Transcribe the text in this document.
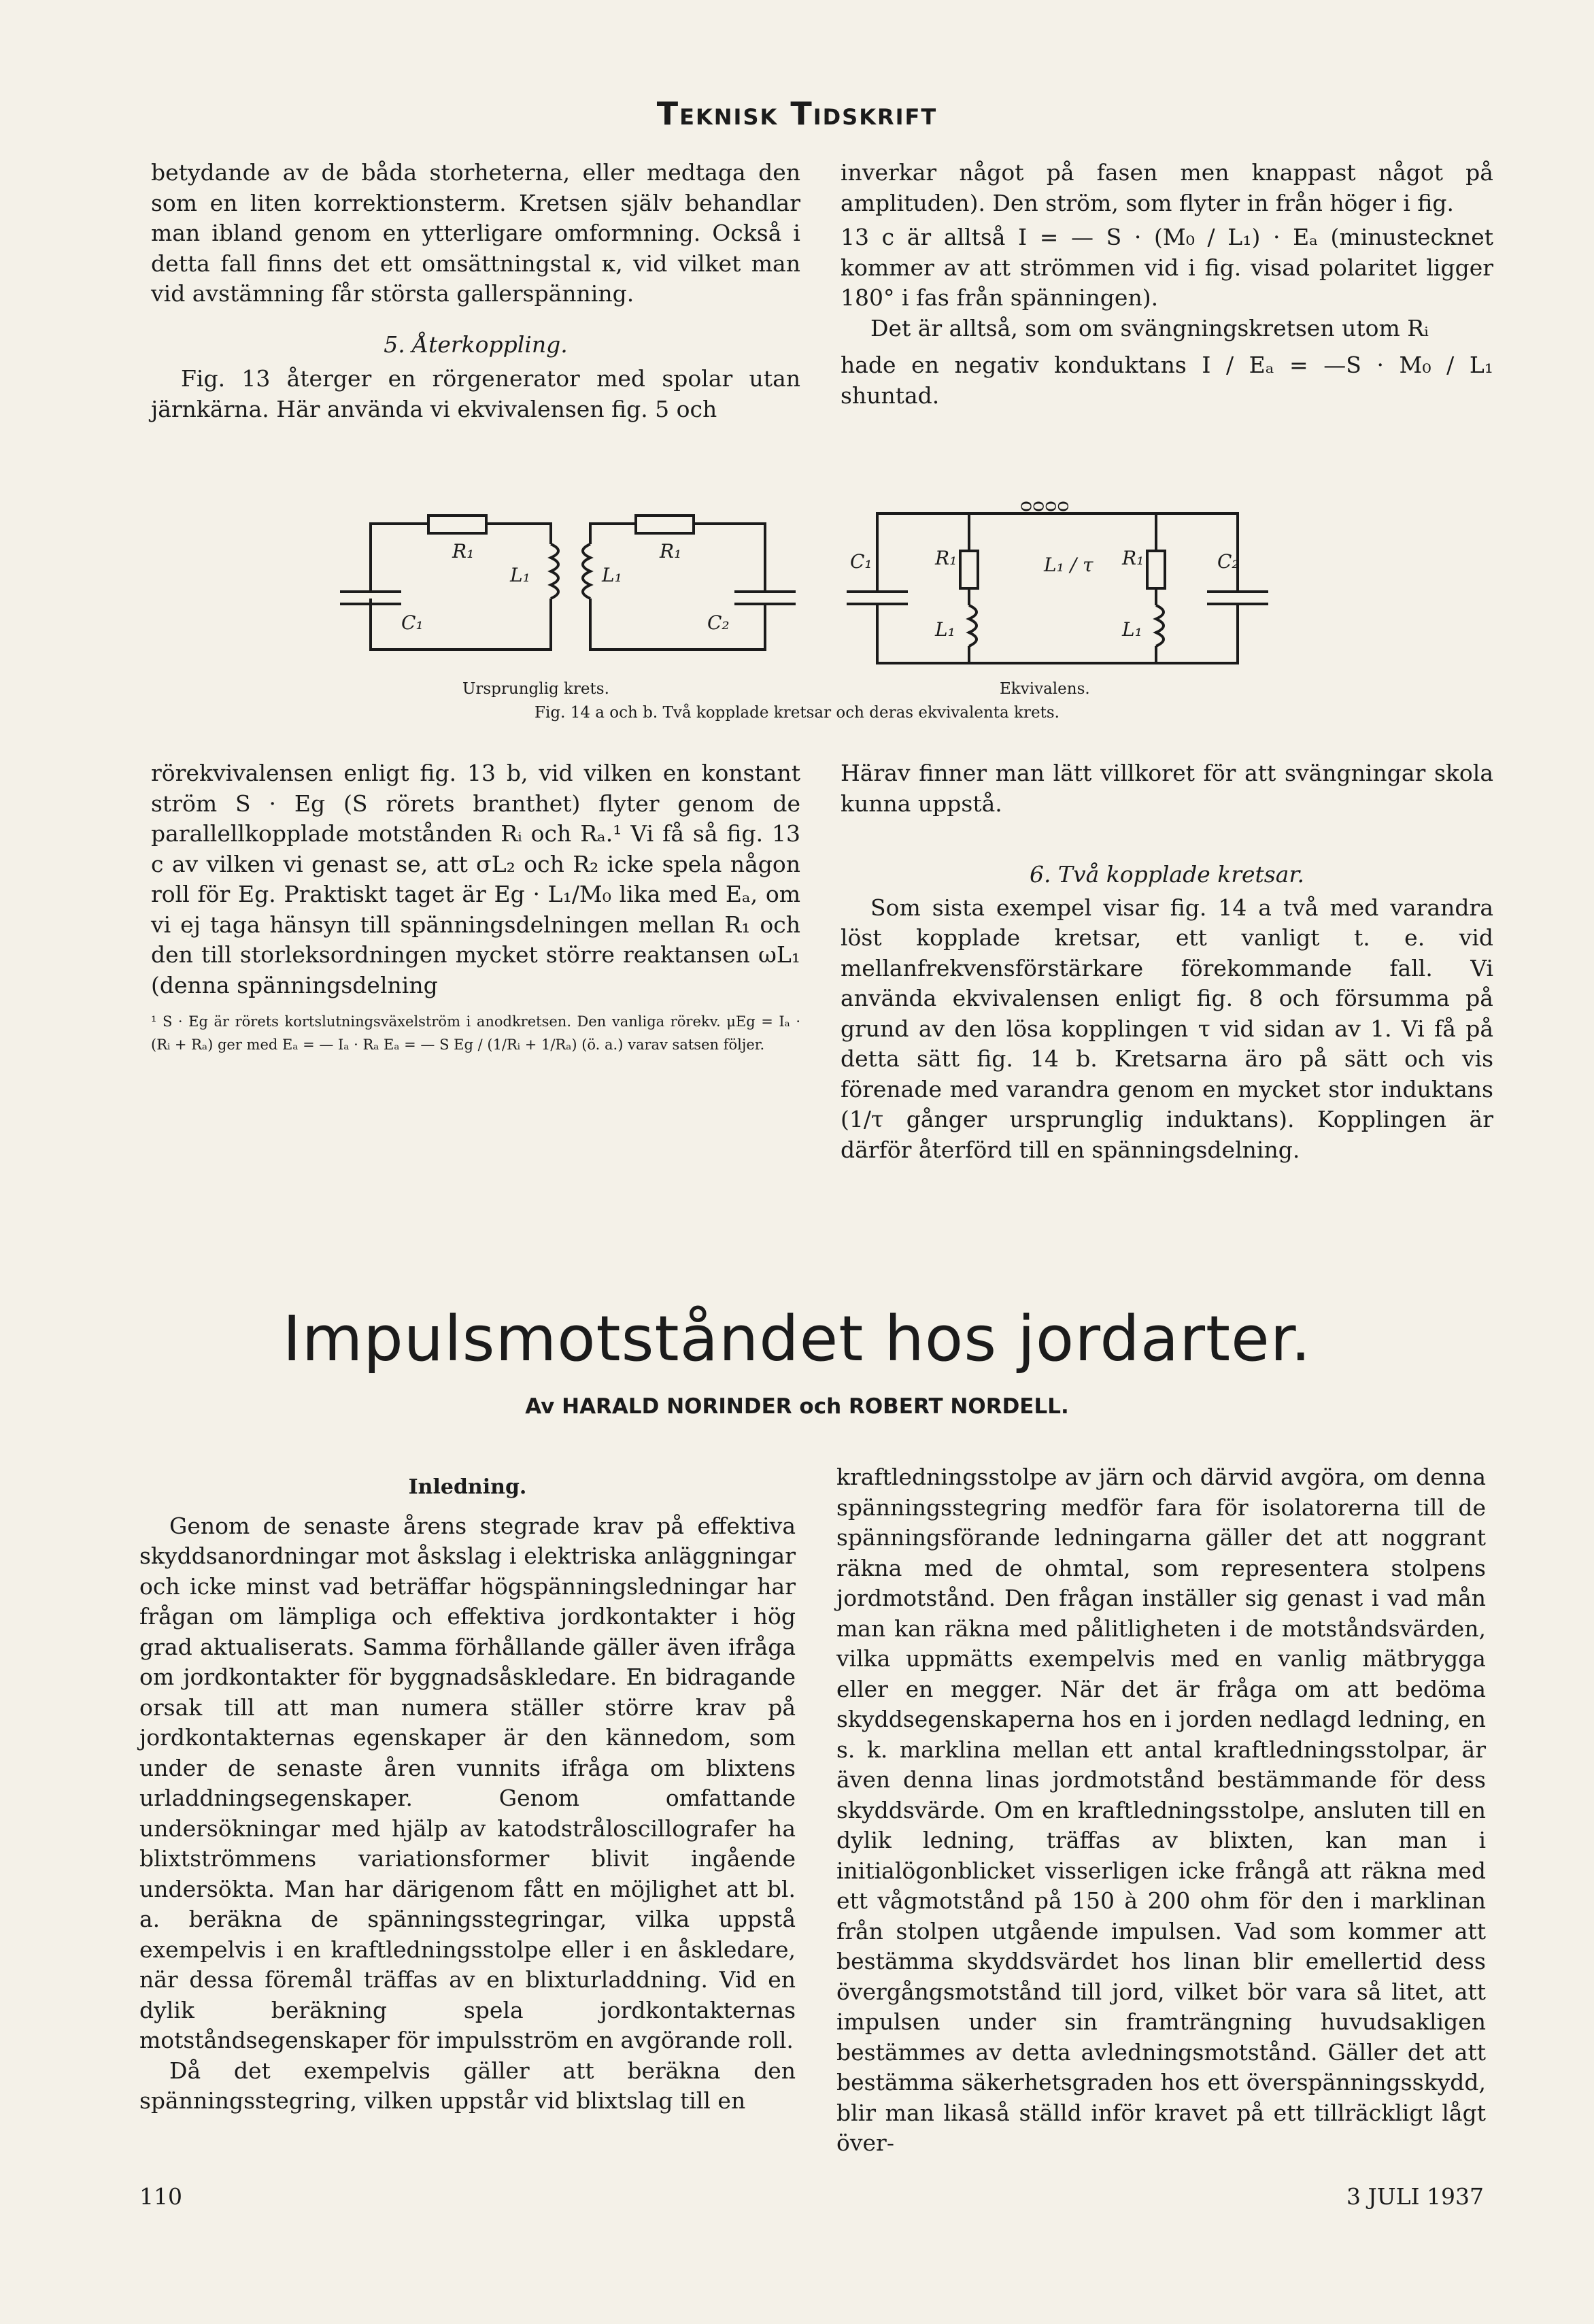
Teknisk Tidskrift

betydande av de båda storheterna, eller medtaga den som en liten korrektionsterm. Kretsen själv behandlar man ibland genom en ytterligare omformning. Också i detta fall finns det ett omsättningstal κ, vid vilket man vid avstämning får största gallerspänning.

5. Återkoppling.

Fig. 13 återger en rörgenerator med spolar utan järnkärna. Här använda vi ekvivalensen fig. 5 och

inverkar något på fasen men knappast något på amplituden). Den ström, som flyter in från höger i fig.

13 c är alltså I = — S · (M₀ / L₁) · Eₐ (minustecknet kommer av att strömmen vid i fig. visad polaritet ligger 180° i fas från spänningen).

Det är alltså, som om svängningskretsen utom Rᵢ

hade en negativ konduktans I / Eₐ = —S · M₀ / L₁ shuntad.

R₁
L₁
C₁
L₁
R₁
C₂
ᴑᴑᴑᴑ
R₁
L₁
L₁ / τ R₁
L₁
C₁	C₂
Ursprunglig krets.	Ekvivalens.
Fig. 14 a och b. Två kopplade kretsar och deras ekvivalenta krets.

rörekvivalensen enligt fig. 13 b, vid vilken en konstant ström S · Eg (S rörets branthet) flyter genom de parallellkopplade motstånden Rᵢ och Rₐ.¹ Vi få så fig. 13 c av vilken vi genast se, att σL₂ och R₂ icke spela någon roll för Eg. Praktiskt taget är Eg · L₁/M₀ lika med Eₐ, om vi ej taga hänsyn till spänningsdelningen mellan R₁ och den till storleksordningen mycket större reaktansen ωL₁ (denna spänningsdelning

¹ S · Eg är rörets kortslutningsväxelström i anodkretsen. Den vanliga rörekv. μEg = Iₐ · (Rᵢ + Rₐ) ger med Eₐ = — Iₐ · Rₐ Eₐ = — S Eg / (1/Rᵢ + 1/Rₐ) (ö. a.) varav satsen följer.

Härav finner man lätt villkoret för att svängningar skola kunna uppstå.

6. Två kopplade kretsar.

Som sista exempel visar fig. 14 a två med varandra löst kopplade kretsar, ett vanligt t. e. vid mellanfrekvensförstärkare förekommande fall. Vi använda ekvivalensen enligt fig. 8 och försumma på grund av den lösa kopplingen τ vid sidan av 1. Vi få på detta sätt fig. 14 b. Kretsarna äro på sätt och vis förenade med varandra genom en mycket stor induktans (1/τ gånger ursprunglig induktans). Kopplingen är därför återförd till en spänningsdelning.

Impulsmotståndet hos jordarter.
Av HARALD NORINDER och ROBERT NORDELL.

Inledning.

Genom de senaste årens stegrade krav på effektiva skyddsanordningar mot åskslag i elektriska anläggningar och icke minst vad beträffar högspänningsledningar har frågan om lämpliga och effektiva jordkontakter i hög grad aktualiserats. Samma förhållande gäller även ifråga om jordkontakter för byggnadsåskledare. En bidragande orsak till att man numera ställer större krav på jordkontakternas egenskaper är den kännedom, som under de senaste åren vunnits ifråga om blixtens urladdningsegenskaper. Genom omfattande undersökningar med hjälp av katodstråloscillografer ha blixtströmmens variationsformer blivit ingående undersökta. Man har därigenom fått en möjlighet att bl. a. beräkna de spänningsstegringar, vilka uppstå exempelvis i en kraftledningsstolpe eller i en åskledare, när dessa föremål träffas av en blixturladdning. Vid en dylik beräkning spela jordkontakternas motståndsegenskaper för impulsström en avgörande roll.

Då det exempelvis gäller att beräkna den spänningsstegring, vilken uppstår vid blixtslag till en

kraftledningsstolpe av järn och därvid avgöra, om denna spänningsstegring medför fara för isolatorerna till de spänningsförande ledningarna gäller det att noggrant räkna med de ohmtal, som representera stolpens jordmotstånd. Den frågan inställer sig genast i vad mån man kan räkna med pålitligheten i de motståndsvärden, vilka uppmätts exempelvis med en vanlig mätbrygga eller en megger. När det är fråga om att bedöma skyddsegenskaperna hos en i jorden nedlagd ledning, en s. k. marklina mellan ett antal kraftledningsstolpar, är även denna linas jordmotstånd bestämmande för dess skyddsvärde. Om en kraftledningsstolpe, ansluten till en dylik ledning, träffas av blixten, kan man i initialögonblicket visserligen icke frångå att räkna med ett vågmotstånd på 150 à 200 ohm för den i marklinan från stolpen utgående impulsen. Vad som kommer att bestämma skyddsvärdet hos linan blir emellertid dess övergångsmotstånd till jord, vilket bör vara så litet, att impulsen under sin framträngning huvudsakligen bestämmes av detta avledningsmotstånd. Gäller det att bestämma säkerhetsgraden hos ett överspänningsskydd, blir man likaså ställd inför kravet på ett tillräckligt lågt över-

110	3 JULI 1937
